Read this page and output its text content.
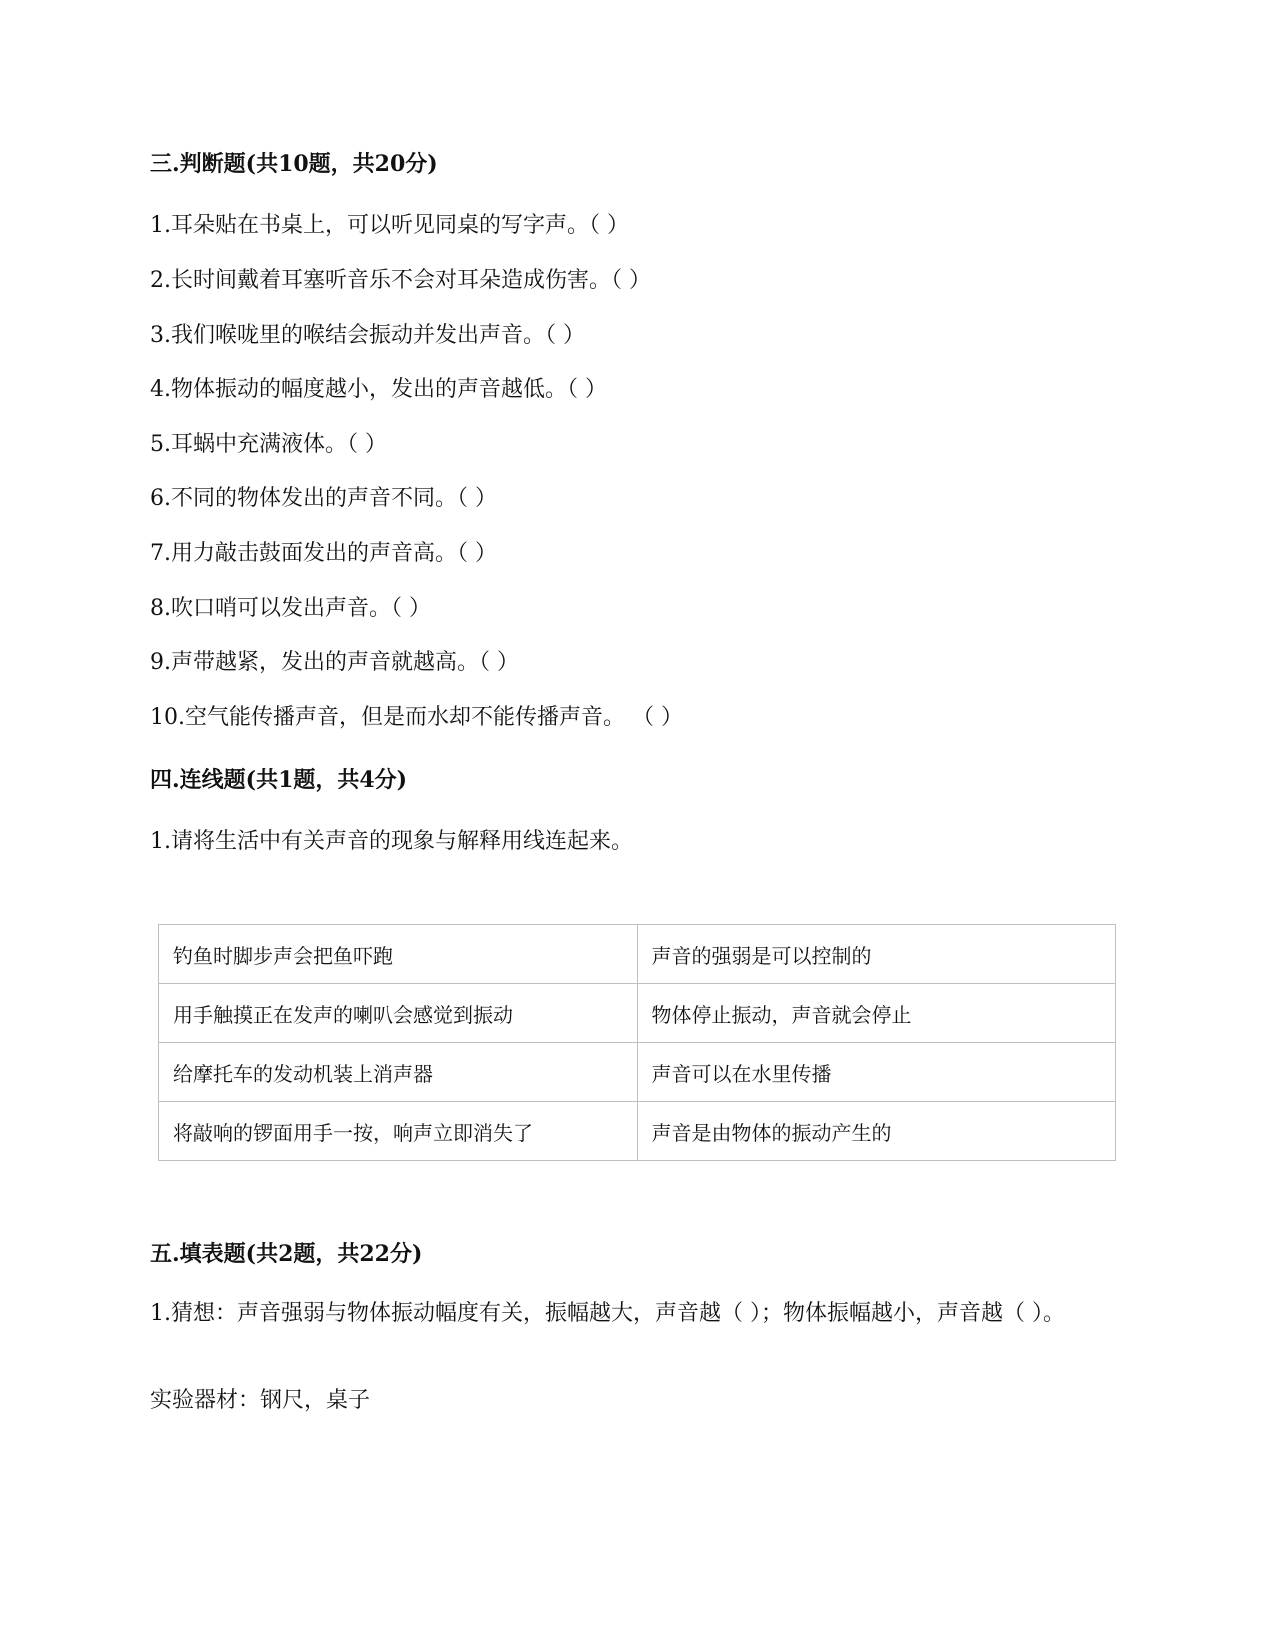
三.判断题(共10题，共20分)
1.耳朵贴在书桌上，可以听见同桌的写字声。（ ）
2.长时间戴着耳塞听音乐不会对耳朵造成伤害。（ ）
3.我们喉咙里的喉结会振动并发出声音。（ ）
4.物体振动的幅度越小，发出的声音越低。（ ）
5.耳蜗中充满液体。（ ）
6.不同的物体发出的声音不同。（ ）
7.用力敲击鼓面发出的声音高。（ ）
8.吹口哨可以发出声音。（ ）
9.声带越紧，发出的声音就越高。（ ）
10.空气能传播声音，但是而水却不能传播声音。 （ ）
四.连线题(共1题，共4分)
1.请将生活中有关声音的现象与解释用线连起来。
钓鱼时脚步声会把鱼吓跑	声音的强弱是可以控制的
用手触摸正在发声的喇叭会感觉到振动	物体停止振动，声音就会停止
给摩托车的发动机装上消声器	声音可以在水里传播
将敲响的锣面用手一按，响声立即消失了	声音是由物体的振动产生的
五.填表题(共2题，共22分)
1.猜想：声音强弱与物体振动幅度有关，振幅越大，声音越（ ）；物体振幅越小，声音越（ ）。
实验器材：钢尺，桌子
